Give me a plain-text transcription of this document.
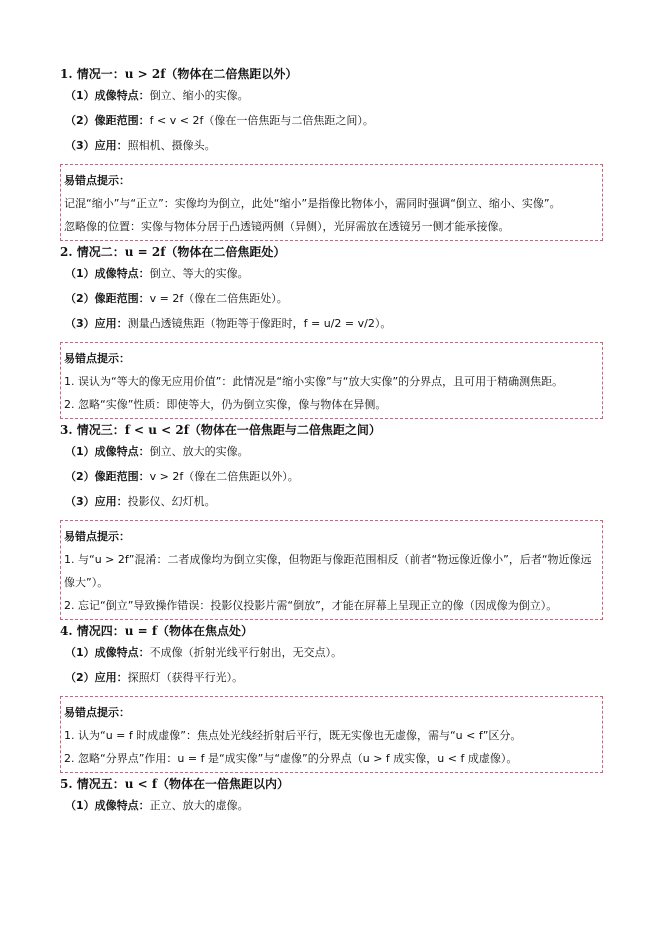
1. 情况一：u > 2f（物体在二倍焦距以外）
（1）成像特点：倒立、缩小的实像。
（2）像距范围：f < v < 2f（像在一倍焦距与二倍焦距之间）。
（3）应用：照相机、摄像头。
易错点提示：
记混“缩小”与“正立”：实像均为倒立，此处“缩小”是指像比物体小，需同时强调“倒立、缩小、实像”。
忽略像的位置：实像与物体分居于凸透镜两侧（异侧），光屏需放在透镜另一侧才能承接像。
2. 情况二：u = 2f（物体在二倍焦距处）
（1）成像特点：倒立、等大的实像。
（2）像距范围：v = 2f（像在二倍焦距处）。
（3）应用：测量凸透镜焦距（物距等于像距时，f = u/2 = v/2）。
易错点提示：
1. 误认为“等大的像无应用价值”：此情况是“缩小实像”与“放大实像”的分界点，且可用于精确测焦距。
2. 忽略“实像”性质：即使等大，仍为倒立实像，像与物体在异侧。
3. 情况三：f < u < 2f（物体在一倍焦距与二倍焦距之间）
（1）成像特点：倒立、放大的实像。
（2）像距范围：v > 2f（像在二倍焦距以外）。
（3）应用：投影仪、幻灯机。
易错点提示：
1. 与“u > 2f”混淆：二者成像均为倒立实像，但物距与像距范围相反（前者“物远像近像小”，后者“物近像远像大”）。
2. 忘记“倒立”导致操作错误：投影仪投影片需“倒放”，才能在屏幕上呈现正立的像（因成像为倒立）。
4. 情况四：u = f（物体在焦点处）
（1）成像特点：不成像（折射光线平行射出，无交点）。
（2）应用：探照灯（获得平行光）。
易错点提示：
1. 认为“u = f 时成虚像”：焦点处光线经折射后平行，既无实像也无虚像，需与“u < f”区分。
2. 忽略“分界点”作用：u = f 是“成实像”与“虚像”的分界点（u > f 成实像，u < f 成虚像）。
5. 情况五：u < f（物体在一倍焦距以内）
（1）成像特点：正立、放大的虚像。
